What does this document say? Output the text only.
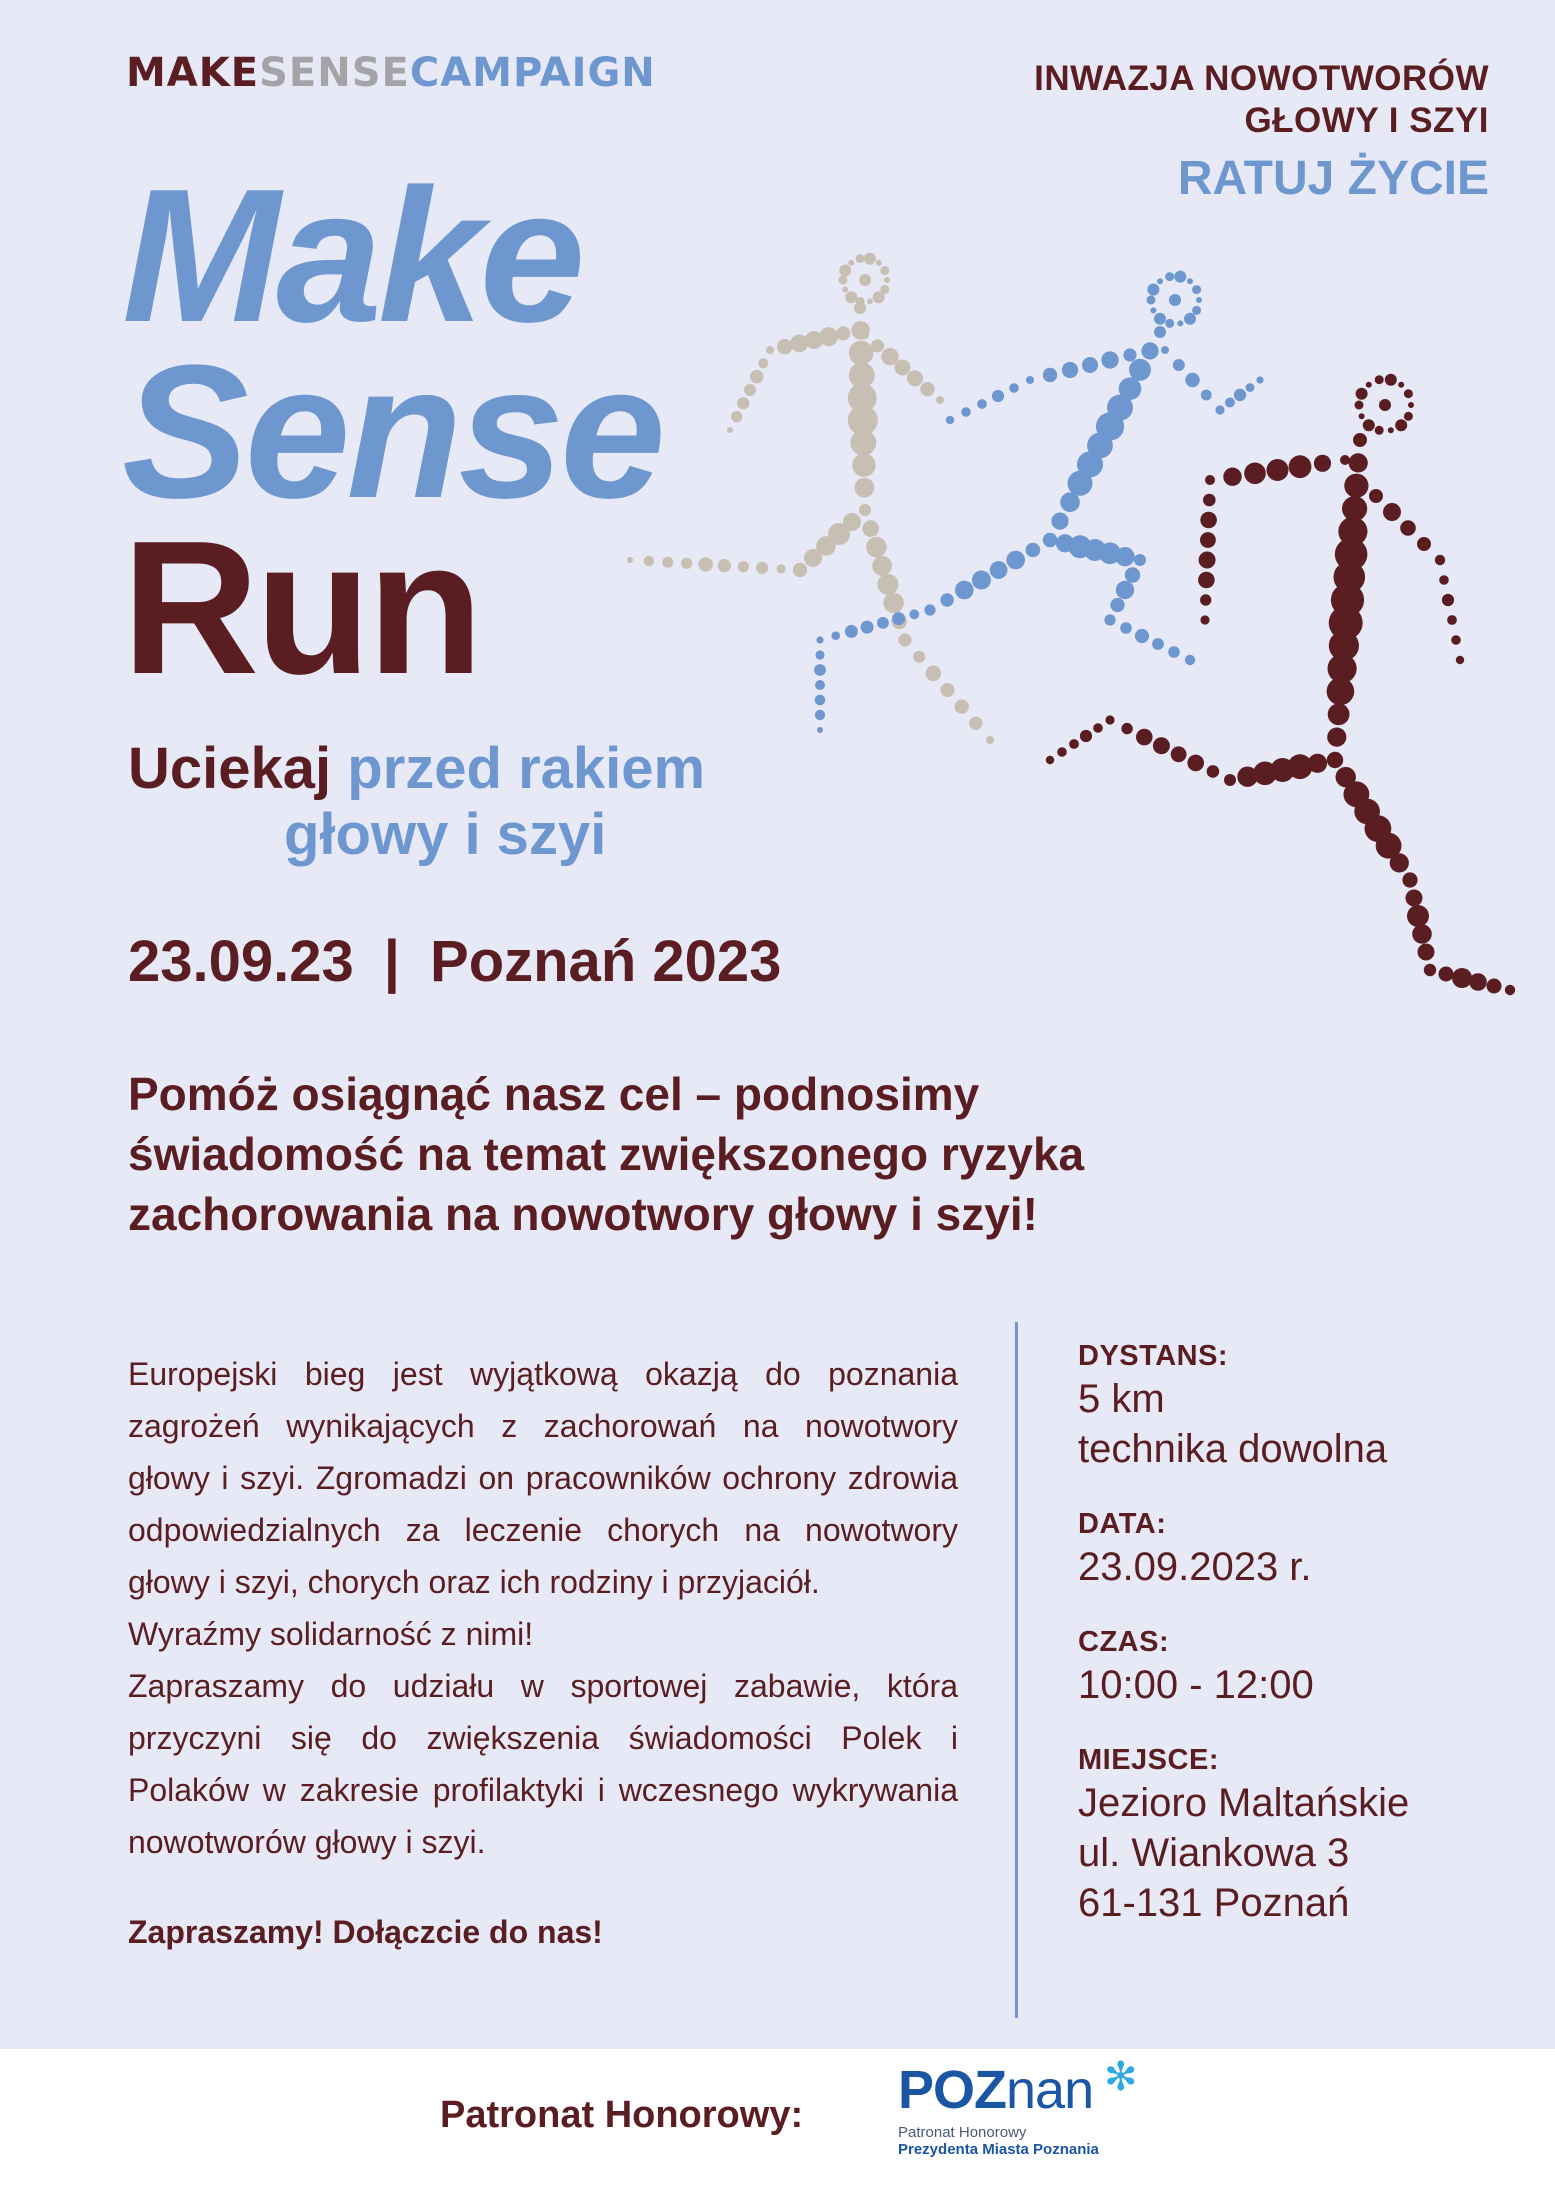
MAKESENSECAMPAIGN	INWAZJA NOWOTWORÓW
GŁOWY I SZYI
RATUJ ŻYCIE
Make
Sense
Run
Uciekaj przed rakiem
głowy i szyi
23.09.23 | Poznań 2023
Pomóż osiągnąć nasz cel – podnosimy świadomość na temat zwiększonego ryzyka zachorowania na nowotwory głowy i szyi!

Europejski bieg jest wyjątkową okazją do poznania zagrożeń wynikających z zachorowań na nowotwory głowy i szyi. Zgromadzi on pracowników ochrony zdrowia odpowiedzialnych za leczenie chorych na nowotwory głowy i szyi, chorych oraz ich rodziny i przyjaciół.

Wyraźmy solidarność z nimi!

Zapraszamy do udziału w sportowej zabawie, która przyczyni się do zwiększenia świadomości Polek i Polaków w zakresie profilaktyki i wczesnego wykrywania nowotworów głowy i szyi.

Zapraszamy! Dołączcie do nas!

DYSTANS:
5 km
technika dowolna
DATA:
23.09.2023 r.
CZAS:
10:00 - 12:00
MIEJSCE:
Jezioro Maltańskie
ul. Wiankowa 3
61-131 Poznań
Patronat Honorowy: POZnan ✻
Patronat Honorowy
Prezydenta Miasta Poznania
